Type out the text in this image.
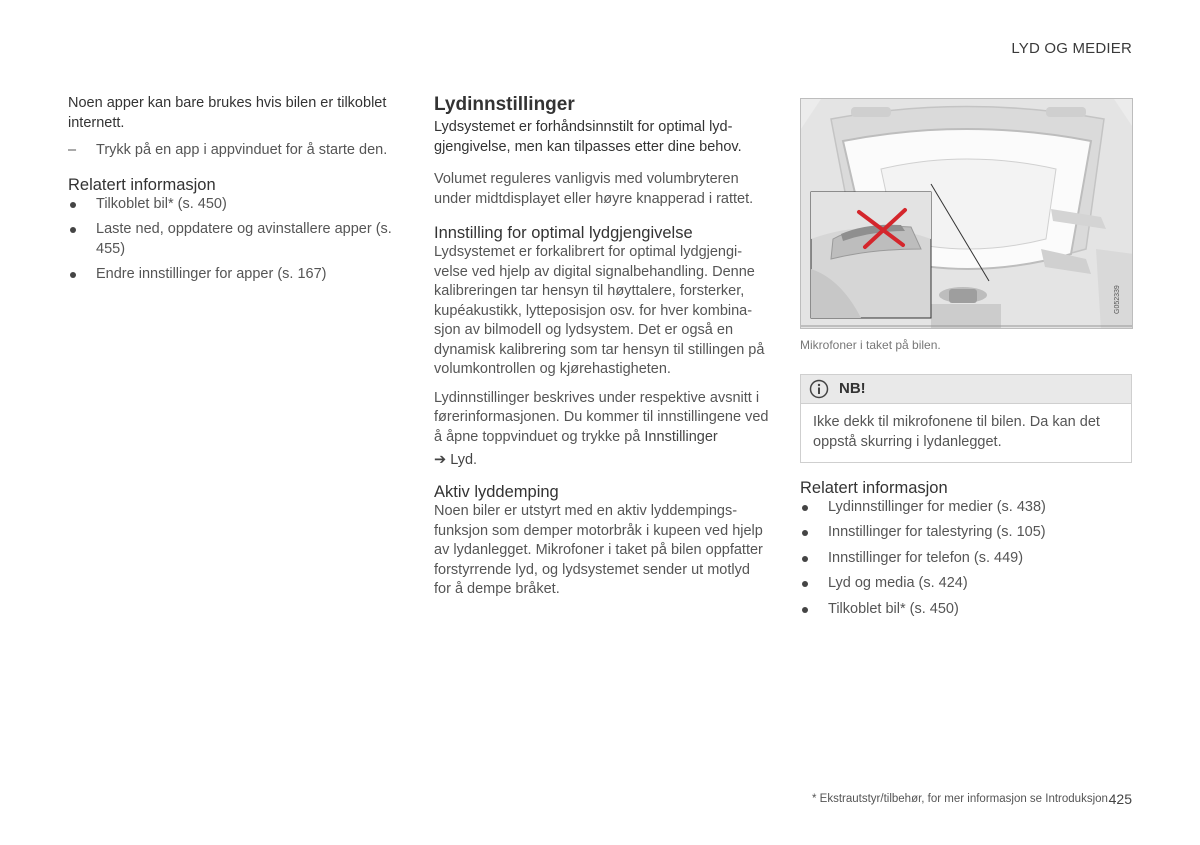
LYD OG MEDIER

Noen apper kan bare brukes hvis bilen er tilkoblet internett.

–	Trykk på en app i appvinduet for å starte den.
Relatert informasjon
Tilkoblet bil* (s. 450)
Laste ned, oppdatere og avinstallere apper (s. 455)
Endre innstillinger for apper (s. 167)
Lydinnstillinger

Lydsystemet er forhåndsinnstilt for optimal lydgjengivelse, men kan tilpasses etter dine behov.

Volumet reguleres vanligvis med volumbryteren under midtdisplayet eller høyre knapperad i rattet.

Innstilling for optimal lydgjengivelse

Lydsystemet er forkalibrert for optimal lydgjengivelse ved hjelp av digital signalbehandling. Denne kalibreringen tar hensyn til høyttalere, forsterker, kupéakustikk, lytteposisjon osv. for hver kombinasjon av bilmodell og lydsystem. Det er også en dynamisk kalibrering som tar hensyn til stillingen på volumkontrollen og kjørehastigheten.

Lydinnstillinger beskrives under respektive avsnitt i førerinformasjonen. Du kommer til innstillingene ved å åpne toppvinduet og trykke på Innstillinger
➔ Lyd.

Aktiv lyddemping

Noen biler er utstyrt med en aktiv lyddempingsfunksjon som demper motorbråk i kupeen ved hjelp av lydanlegget. Mikrofoner i taket på bilen oppfatter forstyrrende lyd, og lydsystemet sender ut motlyd for å dempe bråket.

G052339

Mikrofoner i taket på bilen.

NB!
Ikke dekk til mikrofonene til bilen. Da kan det oppstå skurring i lydanlegget.
Relatert informasjon
Lydinnstillinger for medier (s. 438)
Innstillinger for talestyring (s. 105)
Innstillinger for telefon (s. 449)
Lyd og media (s. 424)
Tilkoblet bil* (s. 450)
* Ekstrautstyr/tilbehør, for mer informasjon se Introduksjon.
425
